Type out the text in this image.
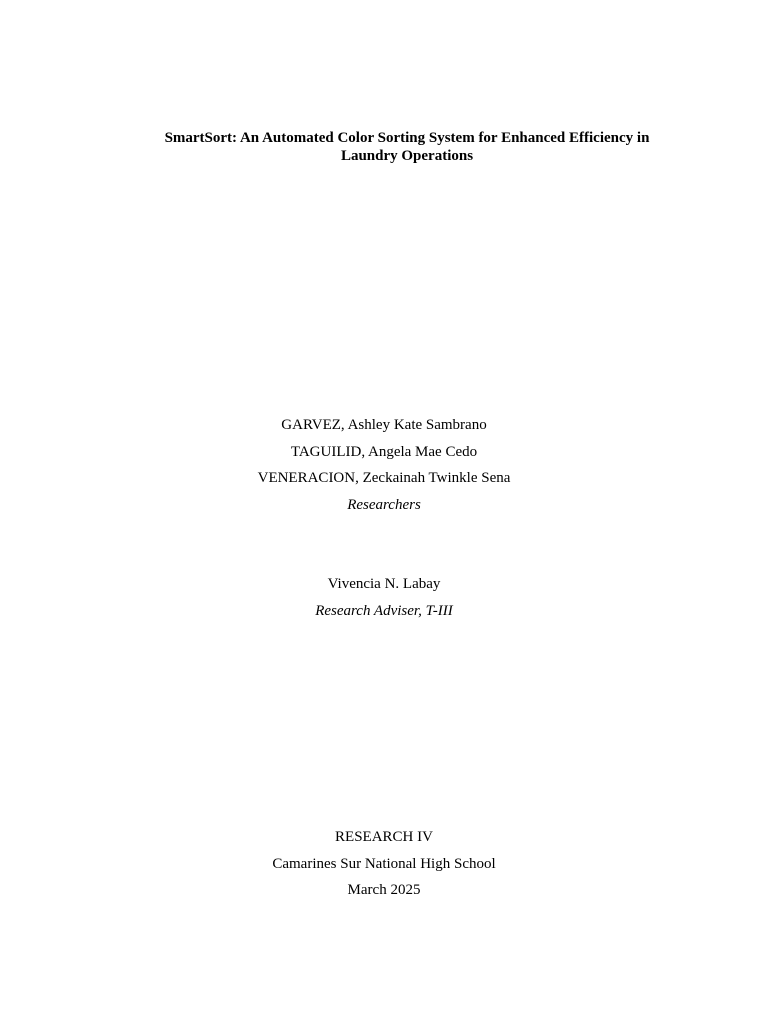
SmartSort: An Automated Color Sorting System for Enhanced Efficiency in
Laundry Operations
GARVEZ, Ashley Kate Sambrano
TAGUILID, Angela Mae Cedo
VENERACION, Zeckainah Twinkle Sena
Researchers
Vivencia N. Labay
Research Adviser, T-III
RESEARCH IV
Camarines Sur National High School
March 2025
